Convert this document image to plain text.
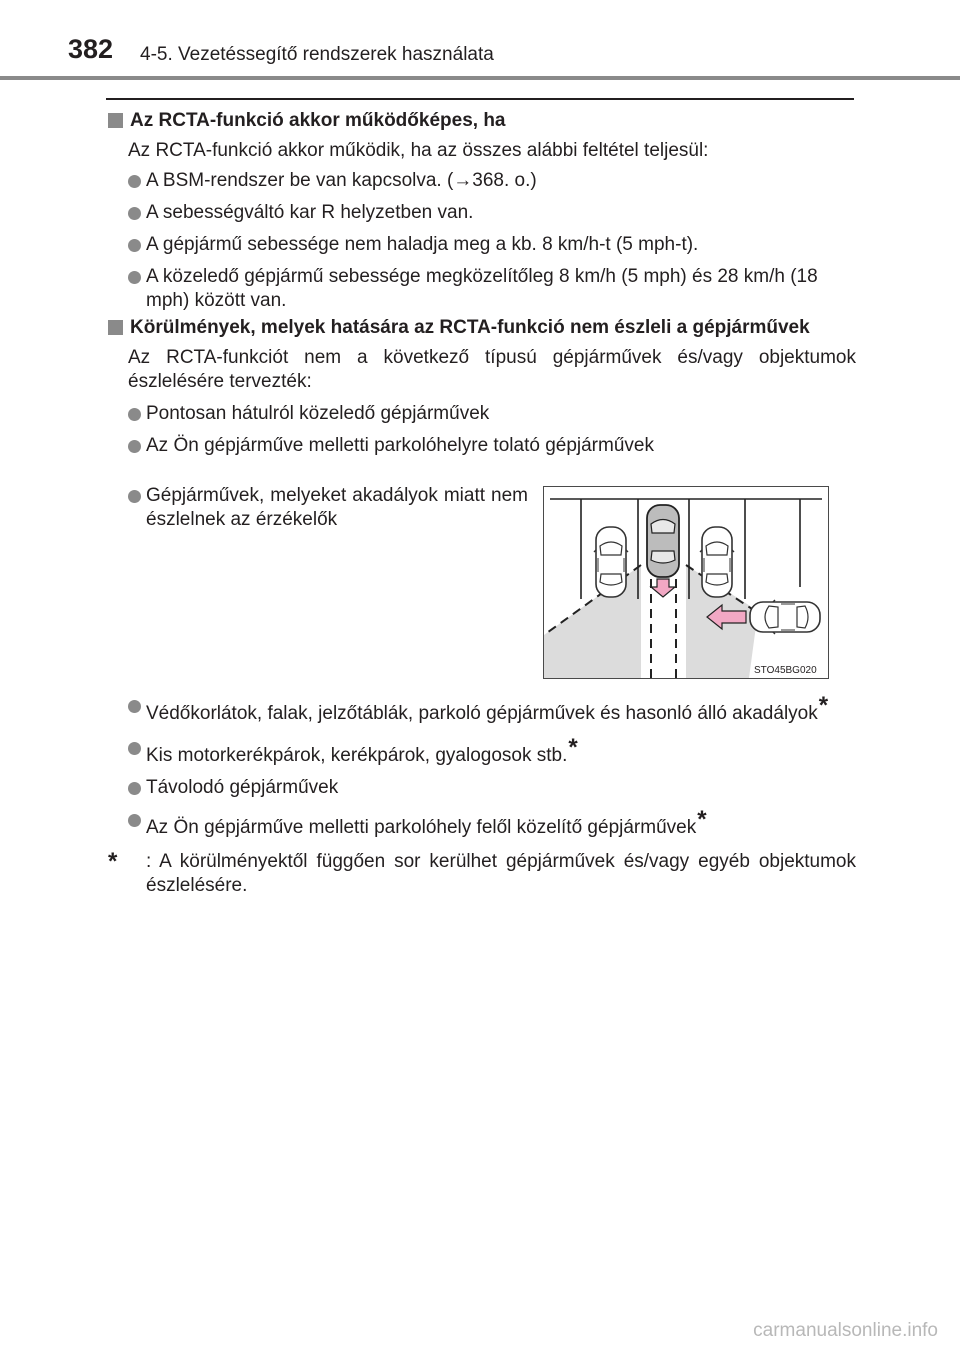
382 4-5. Vezetéssegítő rendszerek használata
Az RCTA-funkció akkor működőképes, ha
Az RCTA-funkció akkor működik, ha az összes alábbi feltétel teljesül:
A BSM-rendszer be van kapcsolva. (→368. o.)
A sebességváltó kar R helyzetben van.
A gépjármű sebessége nem haladja meg a kb. 8 km/h-t (5 mph-t).
A közeledő gépjármű sebessége megközelítőleg 8 km/h (5 mph) és 28 km/h (18 mph) között van.
Körülmények, melyek hatására az RCTA-funkció nem észleli a gépjárművek
Az RCTA-funkciót nem a következő típusú gépjárművek és/vagy objektumok észlelésére tervezték:
Pontosan hátulról közeledő gépjárművek
Az Ön gépjárműve melletti parkolóhelyre tolató gépjárművek
Gépjárművek, melyeket akadályok miatt nem észlelnek az érzékelők
STO45BG020
Védőkorlátok, falak, jelzőtáblák, parkoló gépjárművek és hasonló álló akadályok*
Kis motorkerékpárok, kerékpárok, gyalogosok stb.*
Távolodó gépjárművek
Az Ön gépjárműve melletti parkolóhely felől közelítő gépjárművek*
*	: A körülményektől függően sor kerülhet gépjárművek és/vagy egyéb objektumok észlelésére.
carmanualsonline.info
